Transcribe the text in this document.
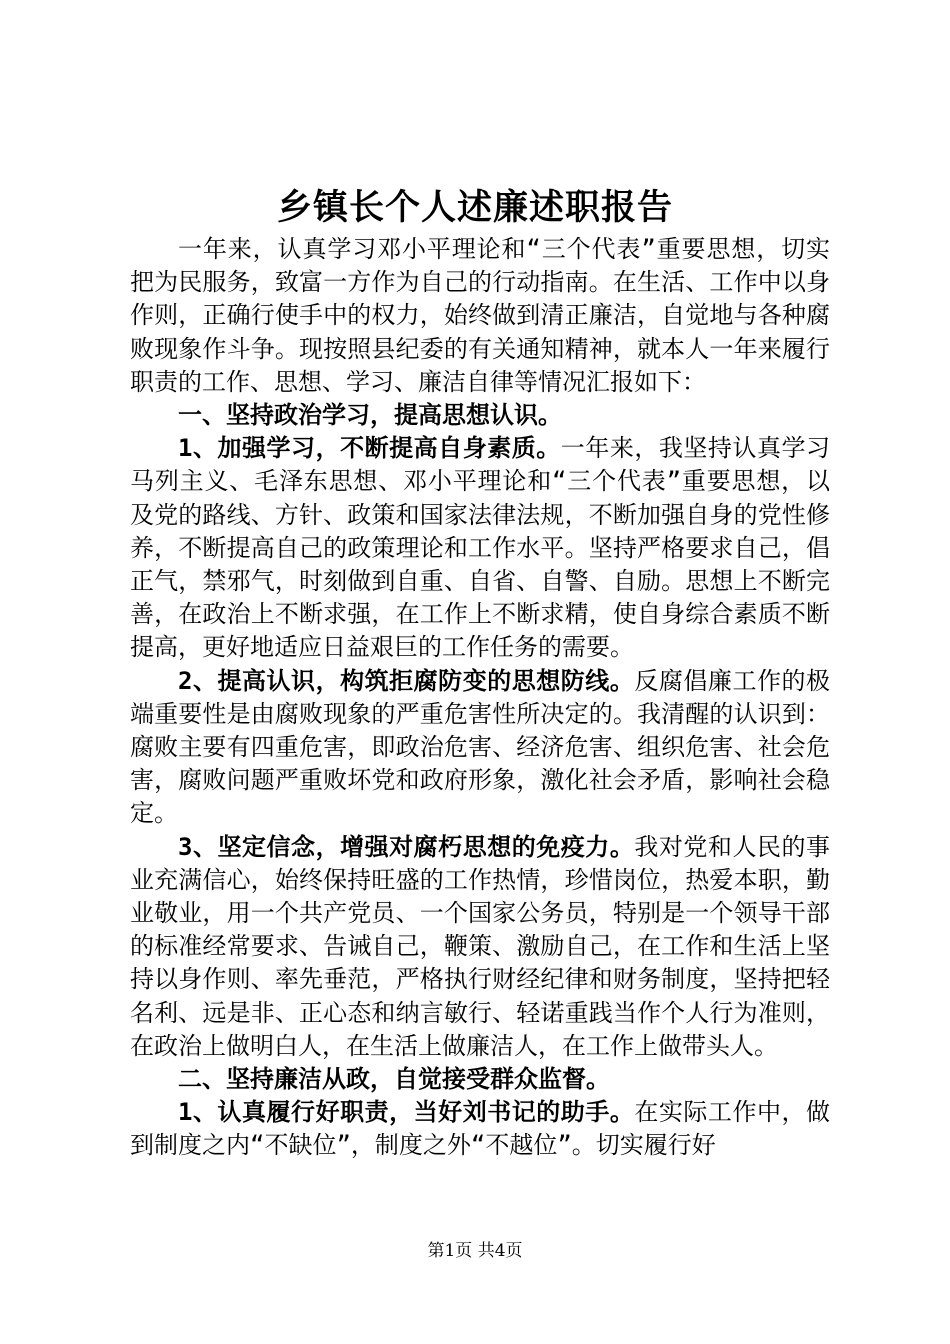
乡镇长个人述廉述职报告

一年来，认真学习邓小平理论和“三个代表”重要思想，切实把为民服务，致富一方作为自己的行动指南。在生活、工作中以身作则，正确行使手中的权力，始终做到清正廉洁，自觉地与各种腐败现象作斗争。现按照县纪委的有关通知精神，就本人一年来履行职责的工作、思想、学习、廉洁自律等情况汇报如下：

一、坚持政治学习，提高思想认识。

1、加强学习，不断提高自身素质。一年来，我坚持认真学习马列主义、毛泽东思想、邓小平理论和“三个代表”重要思想，以及党的路线、方针、政策和国家法律法规，不断加强自身的党性修养，不断提高自己的政策理论和工作水平。坚持严格要求自己，倡正气，禁邪气，时刻做到自重、自省、自警、自励。思想上不断完善，在政治上不断求强，在工作上不断求精，使自身综合素质不断提高，更好地适应日益艰巨的工作任务的需要。

2、提高认识，构筑拒腐防变的思想防线。反腐倡廉工作的极端重要性是由腐败现象的严重危害性所决定的。我清醒的认识到：腐败主要有四重危害，即政治危害、经济危害、组织危害、社会危害，腐败问题严重败坏党和政府形象，激化社会矛盾，影响社会稳定。

3、坚定信念，增强对腐朽思想的免疫力。我对党和人民的事业充满信心，始终保持旺盛的工作热情，珍惜岗位，热爱本职，勤业敬业，用一个共产党员、一个国家公务员，特别是一个领导干部的标准经常要求、告诫自己，鞭策、激励自己，在工作和生活上坚持以身作则、率先垂范，严格执行财经纪律和财务制度，坚持把轻名利、远是非、正心态和纳言敏行、轻诺重践当作个人行为准则，在政治上做明白人，在生活上做廉洁人，在工作上做带头人。

二、坚持廉洁从政，自觉接受群众监督。

1、认真履行好职责，当好刘书记的助手。在实际工作中，做到制度之内“不缺位”，制度之外“不越位”。切实履行好

第1页 共4页
